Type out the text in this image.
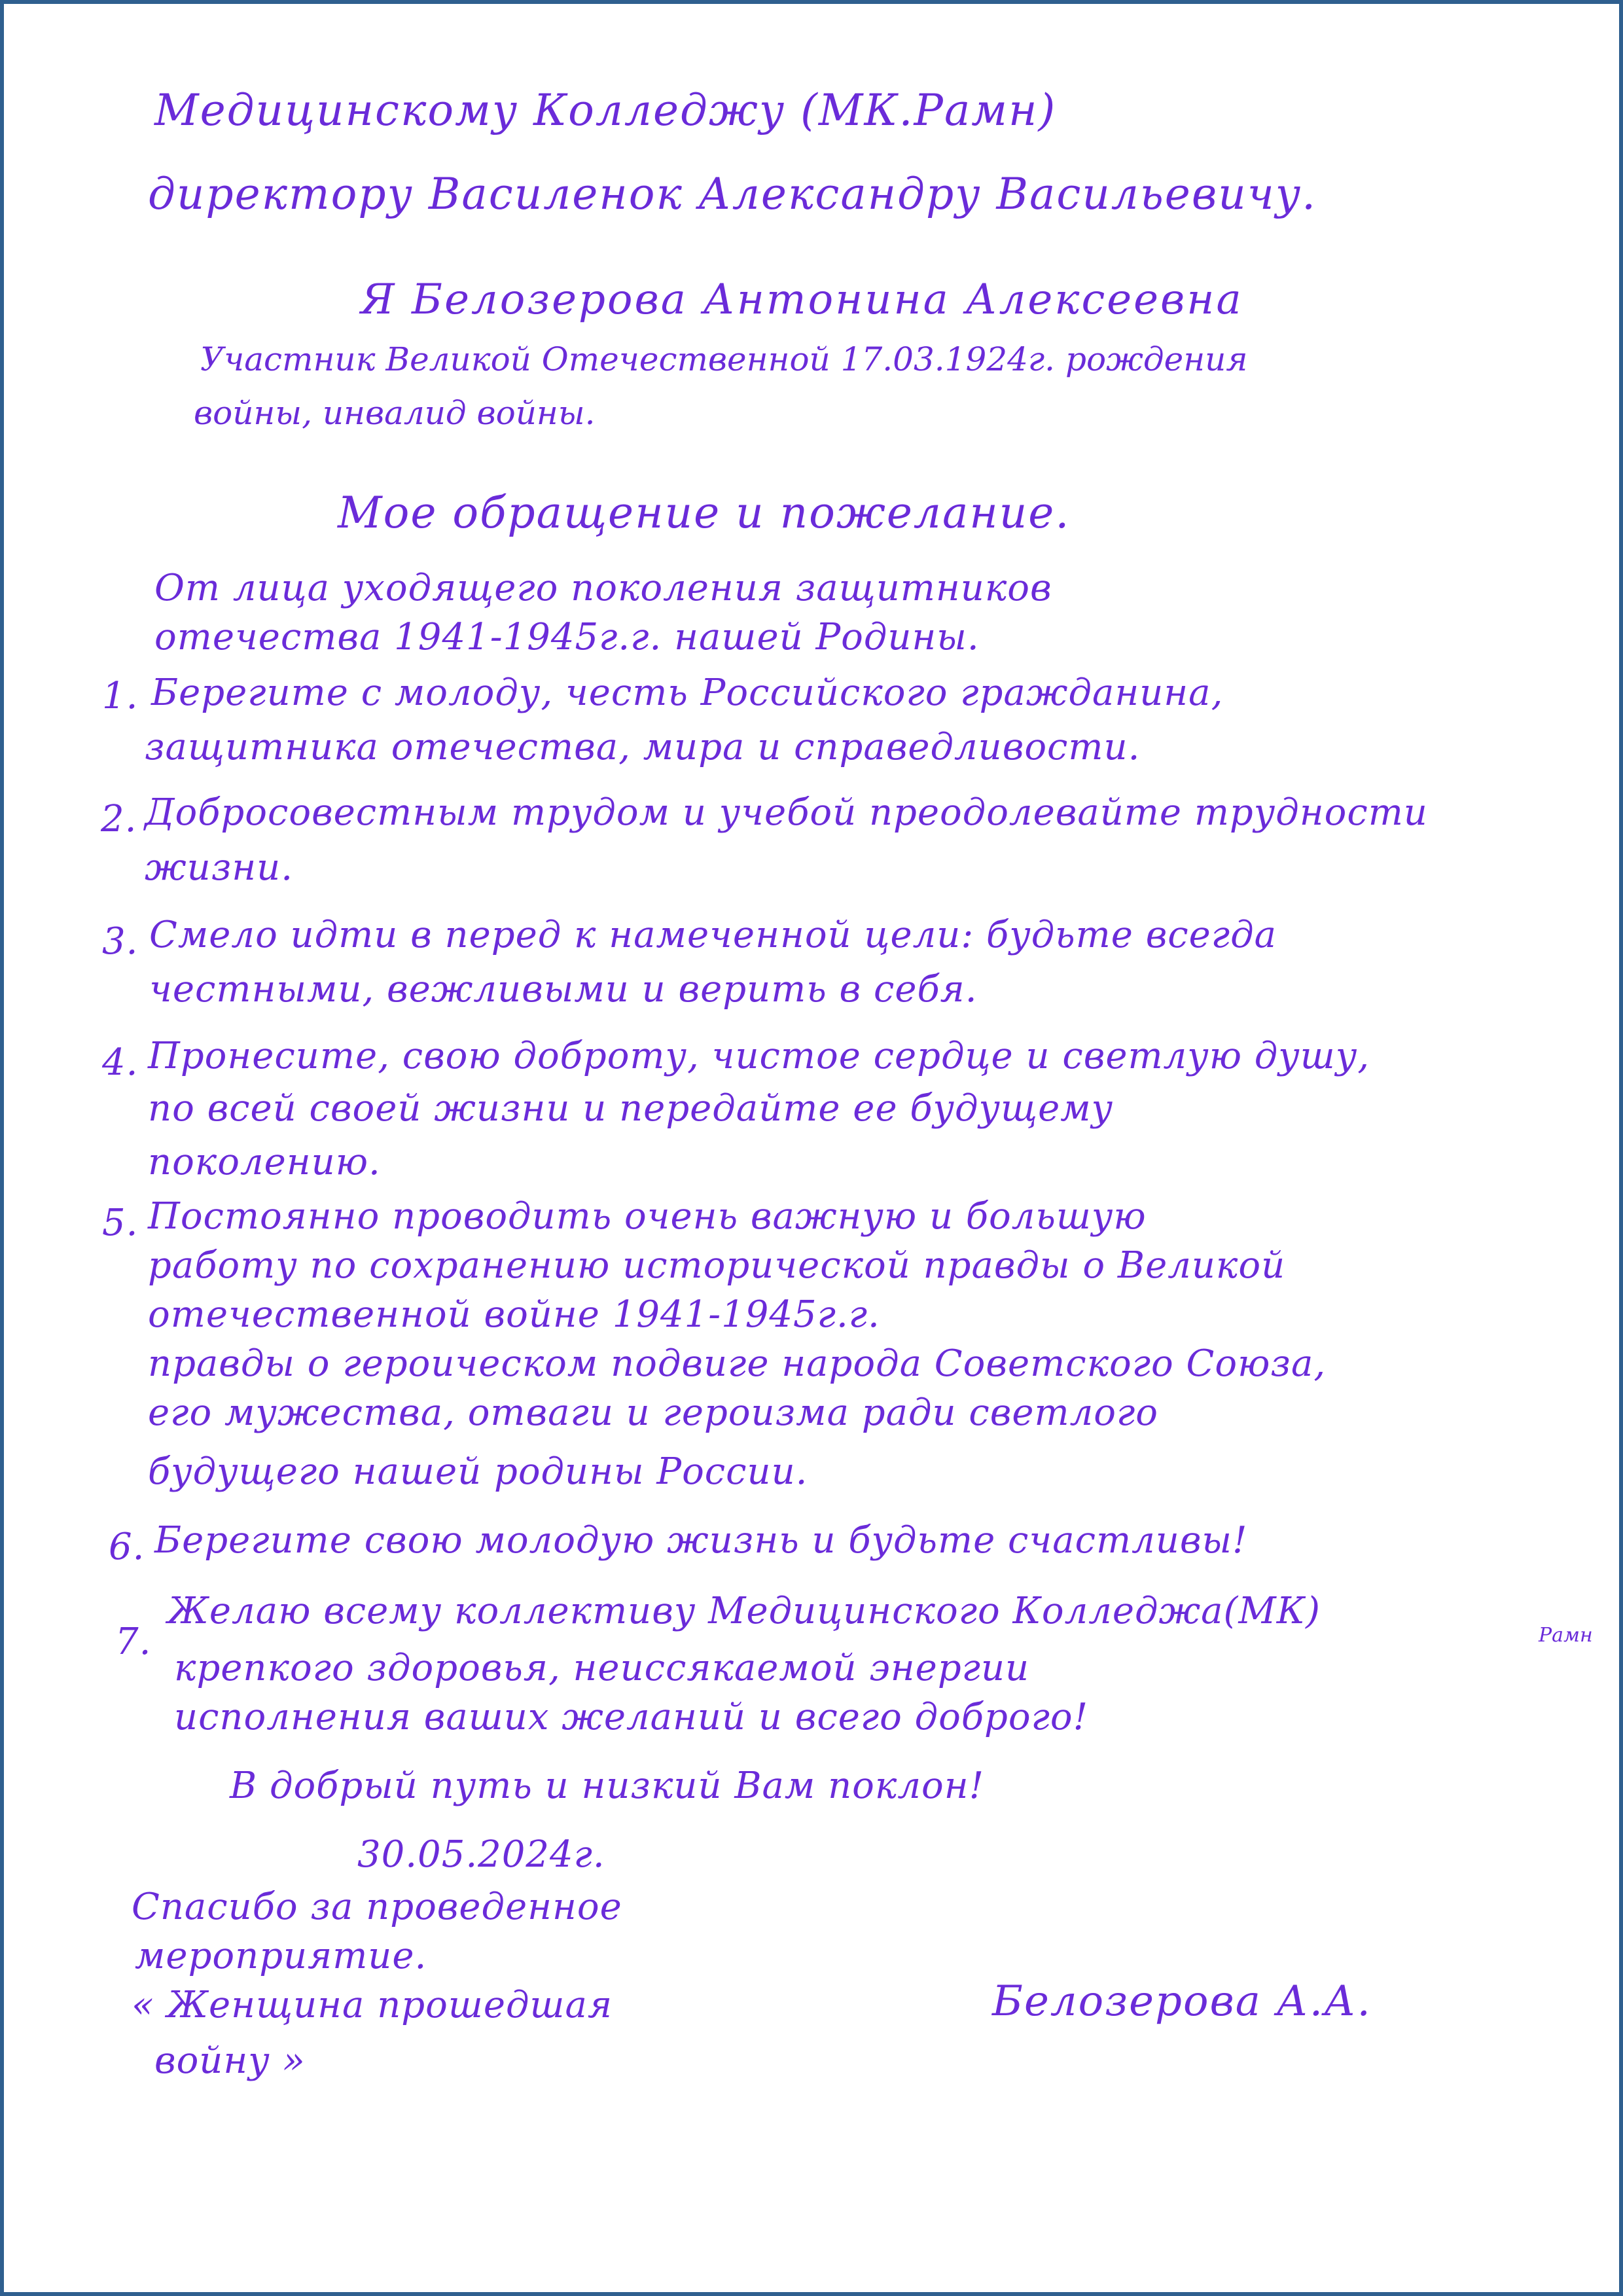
Медицинскому Колледжу (МК.Рамн)

директору Василенок Александру Васильевичу.

Я Белозерова Антонина Алексеевна

Участник Великой Отечественной 17.03.1924г. рождения

войны, инвалид войны.

Мое обращение и пожелание.

От лица уходящего поколения защитников

отечества 1941-1945г.г. нашей Родины.

1. Берегите с молоду, честь Российского гражданина,

защитника отечества, мира и справедливости.

2. Добросовестным трудом и учебой преодолевайте трудности

жизни.

3. Смело идти в перед к намеченной цели: будьте всегда

честными, вежливыми и верить в себя.

4. Пронесите, свою доброту, чистое сердце и светлую душу,

по всей своей жизни и передайте ее будущему

поколению.

5. Постоянно проводить очень важную и большую

работу по сохранению исторической правды о Великой

отечественной войне 1941-1945г.г.

правды о героическом подвиге народа Советского Союза,

его мужества, отваги и героизма ради светлого

будущего нашей родины России.

6. Берегите свою молодую жизнь и будьте счастливы!

7.

Желаю всему коллективу Медицинского Колледжа(МК)

Рамн

крепкого здоровья, неиссякаемой энергии

исполнения ваших желаний и всего доброго!

В добрый путь и низкий Вам поклон!

30.05.2024г.

Спасибо за проведенное

мероприятие.

« Женщина прошедшая

войну »

Белозерова А.А.
